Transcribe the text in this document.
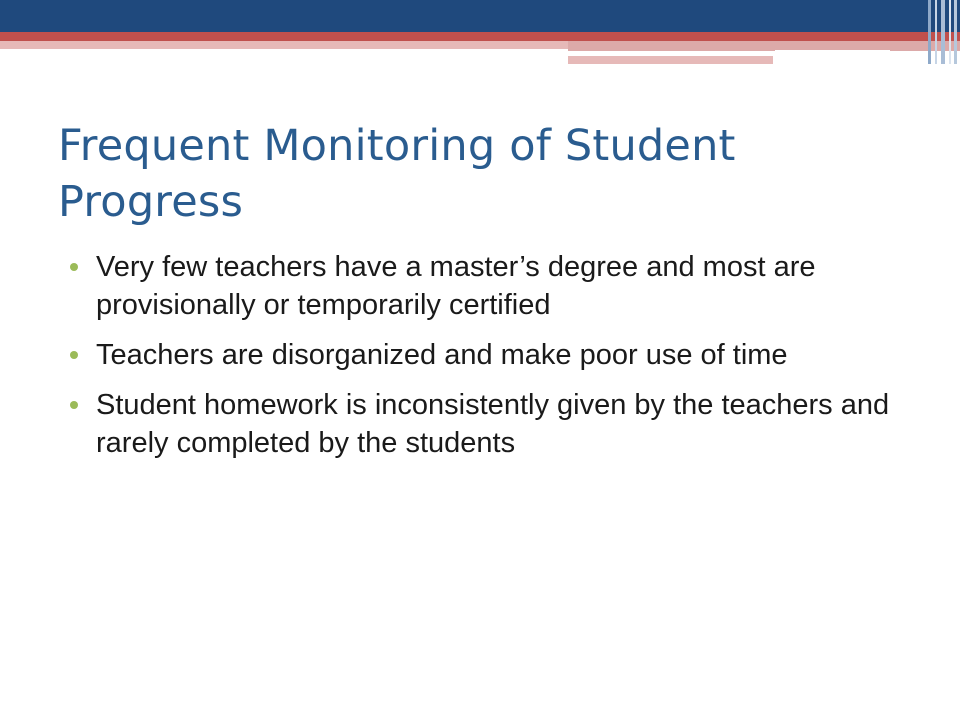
Frequent Monitoring of Student Progress
Very few teachers have a master’s degree and most are provisionally or temporarily certified
Teachers are disorganized and make poor use of time
Student homework is inconsistently given by the teachers and rarely completed by the students
